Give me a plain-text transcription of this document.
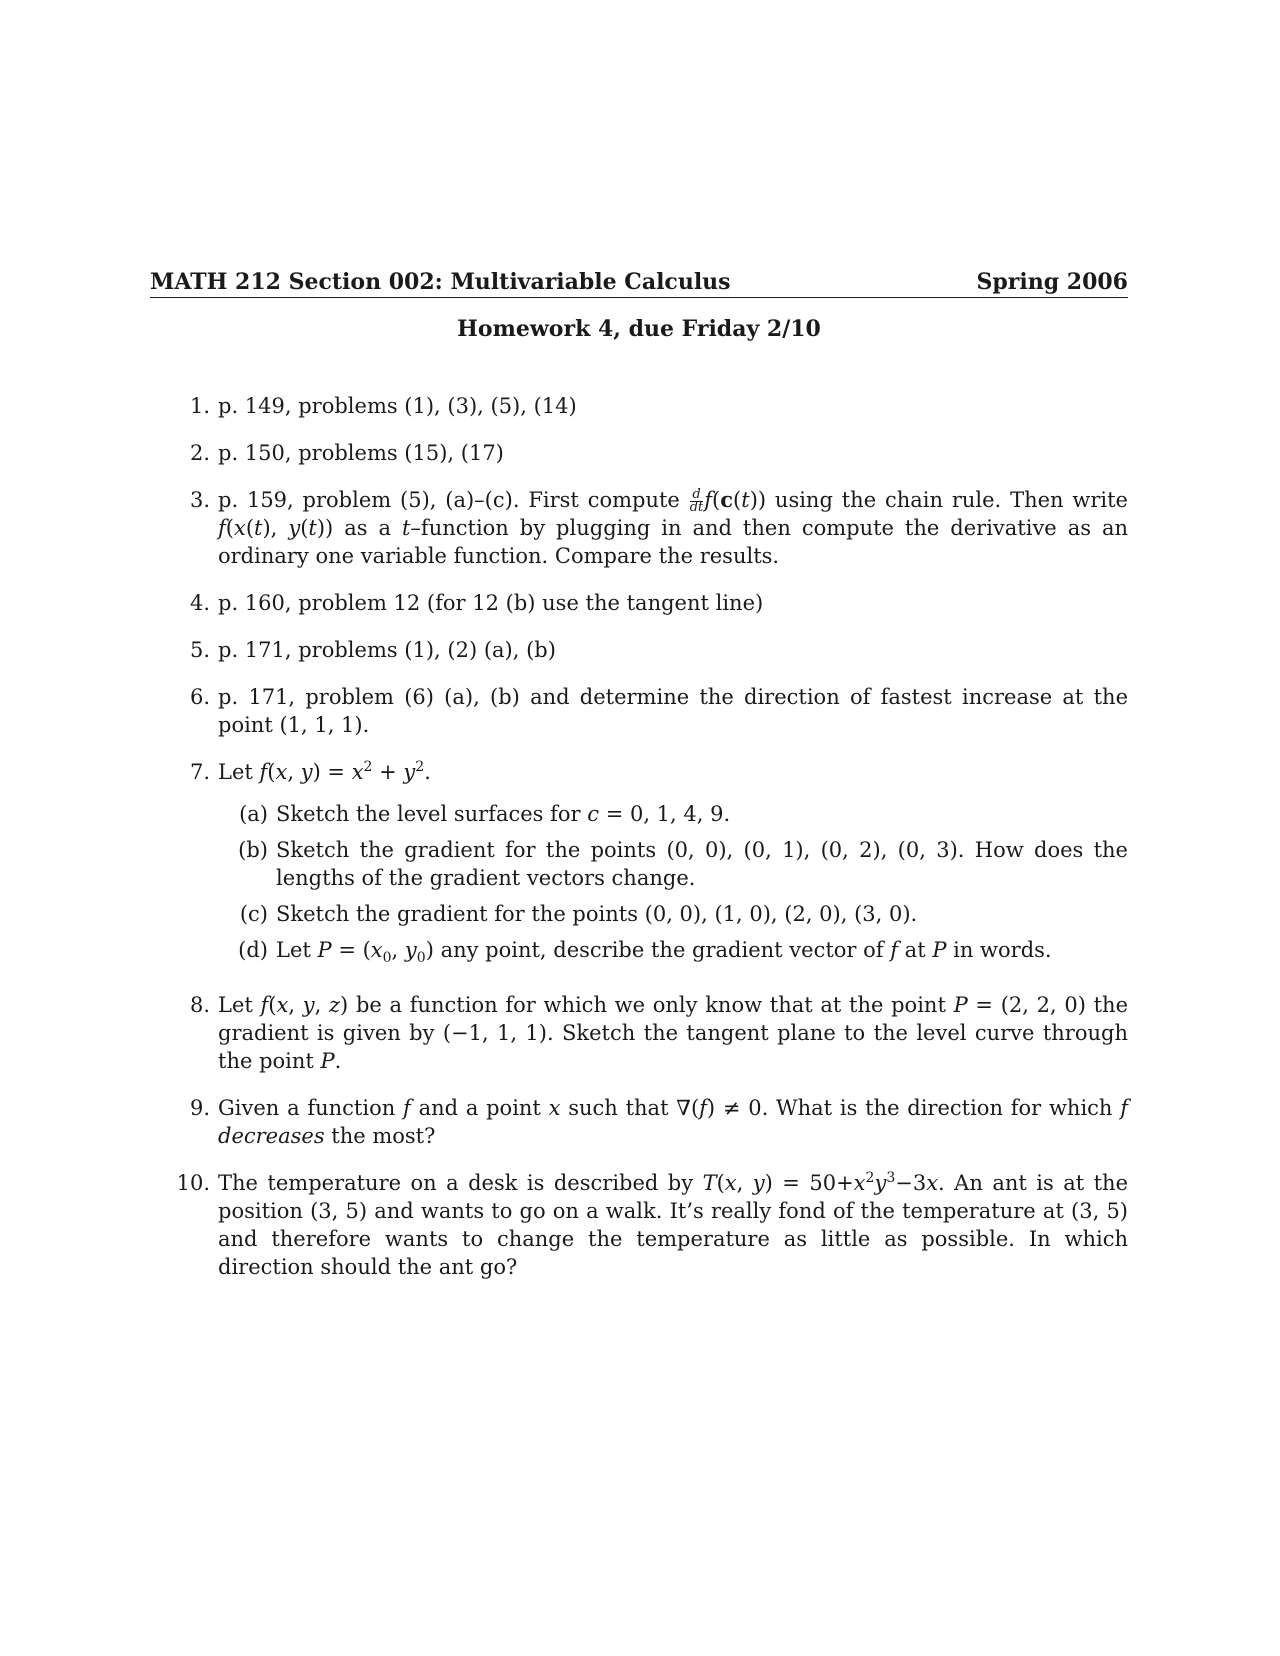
MATH 212 Section 002: Multivariable Calculus	Spring 2006
Homework 4, due Friday 2/10
1. p. 149, problems (1), (3), (5), (14)
2. p. 150, problems (15), (17)
3. p. 159, problem (5), (a)–(c). First compute $\frac{d}{dt} f(c(t))$ using the chain rule. Then write f(x(t), y(t)) as a t–function by plugging in and then compute the derivative as an ordinary one variable function. Compare the results.
4. p. 160, problem 12 (for 12 (b) use the tangent line)
5. p. 171, problems (1), (2) (a), (b)
6. p. 171, problem (6) (a), (b) and determine the direction of fastest increase at the point (1, 1, 1).
7. Let f(x, $y) = x^2 + y^2$.
(a) Sketch the level surfaces for c = 0, 1, 4, 9.
(b) Sketch the gradient for the points (0, 0), (0, 1), (0, 2), (0, 3). How does the lengths of the gradient vectors change.
(c) Sketch the gradient for the points (0, 0), (1, 0), (2, 0), (3, 0).
(d) Let $P = (x_0$, $y_0$) any point, describe the gradient vector of f at P in words.
8. Let f(x, y, z) be a function for which we only know that at the point P = (2, 2, 0) the gradient is given by (−1, 1, 1). Sketch the tangent plane to the level curve through the point P.
9. Given a function f and a point x such that ∇(f) ≠ 0. What is the direction for which f decreases the most?
10. The temperature on a desk is described by T(x, $y) = 50+x^2y^3-3x$. An ant is at the position (3, 5) and wants to go on a walk. It’s really fond of the temperature at (3, 5) and therefore wants to change the temperature as little as possible. In which direction should the ant go?
